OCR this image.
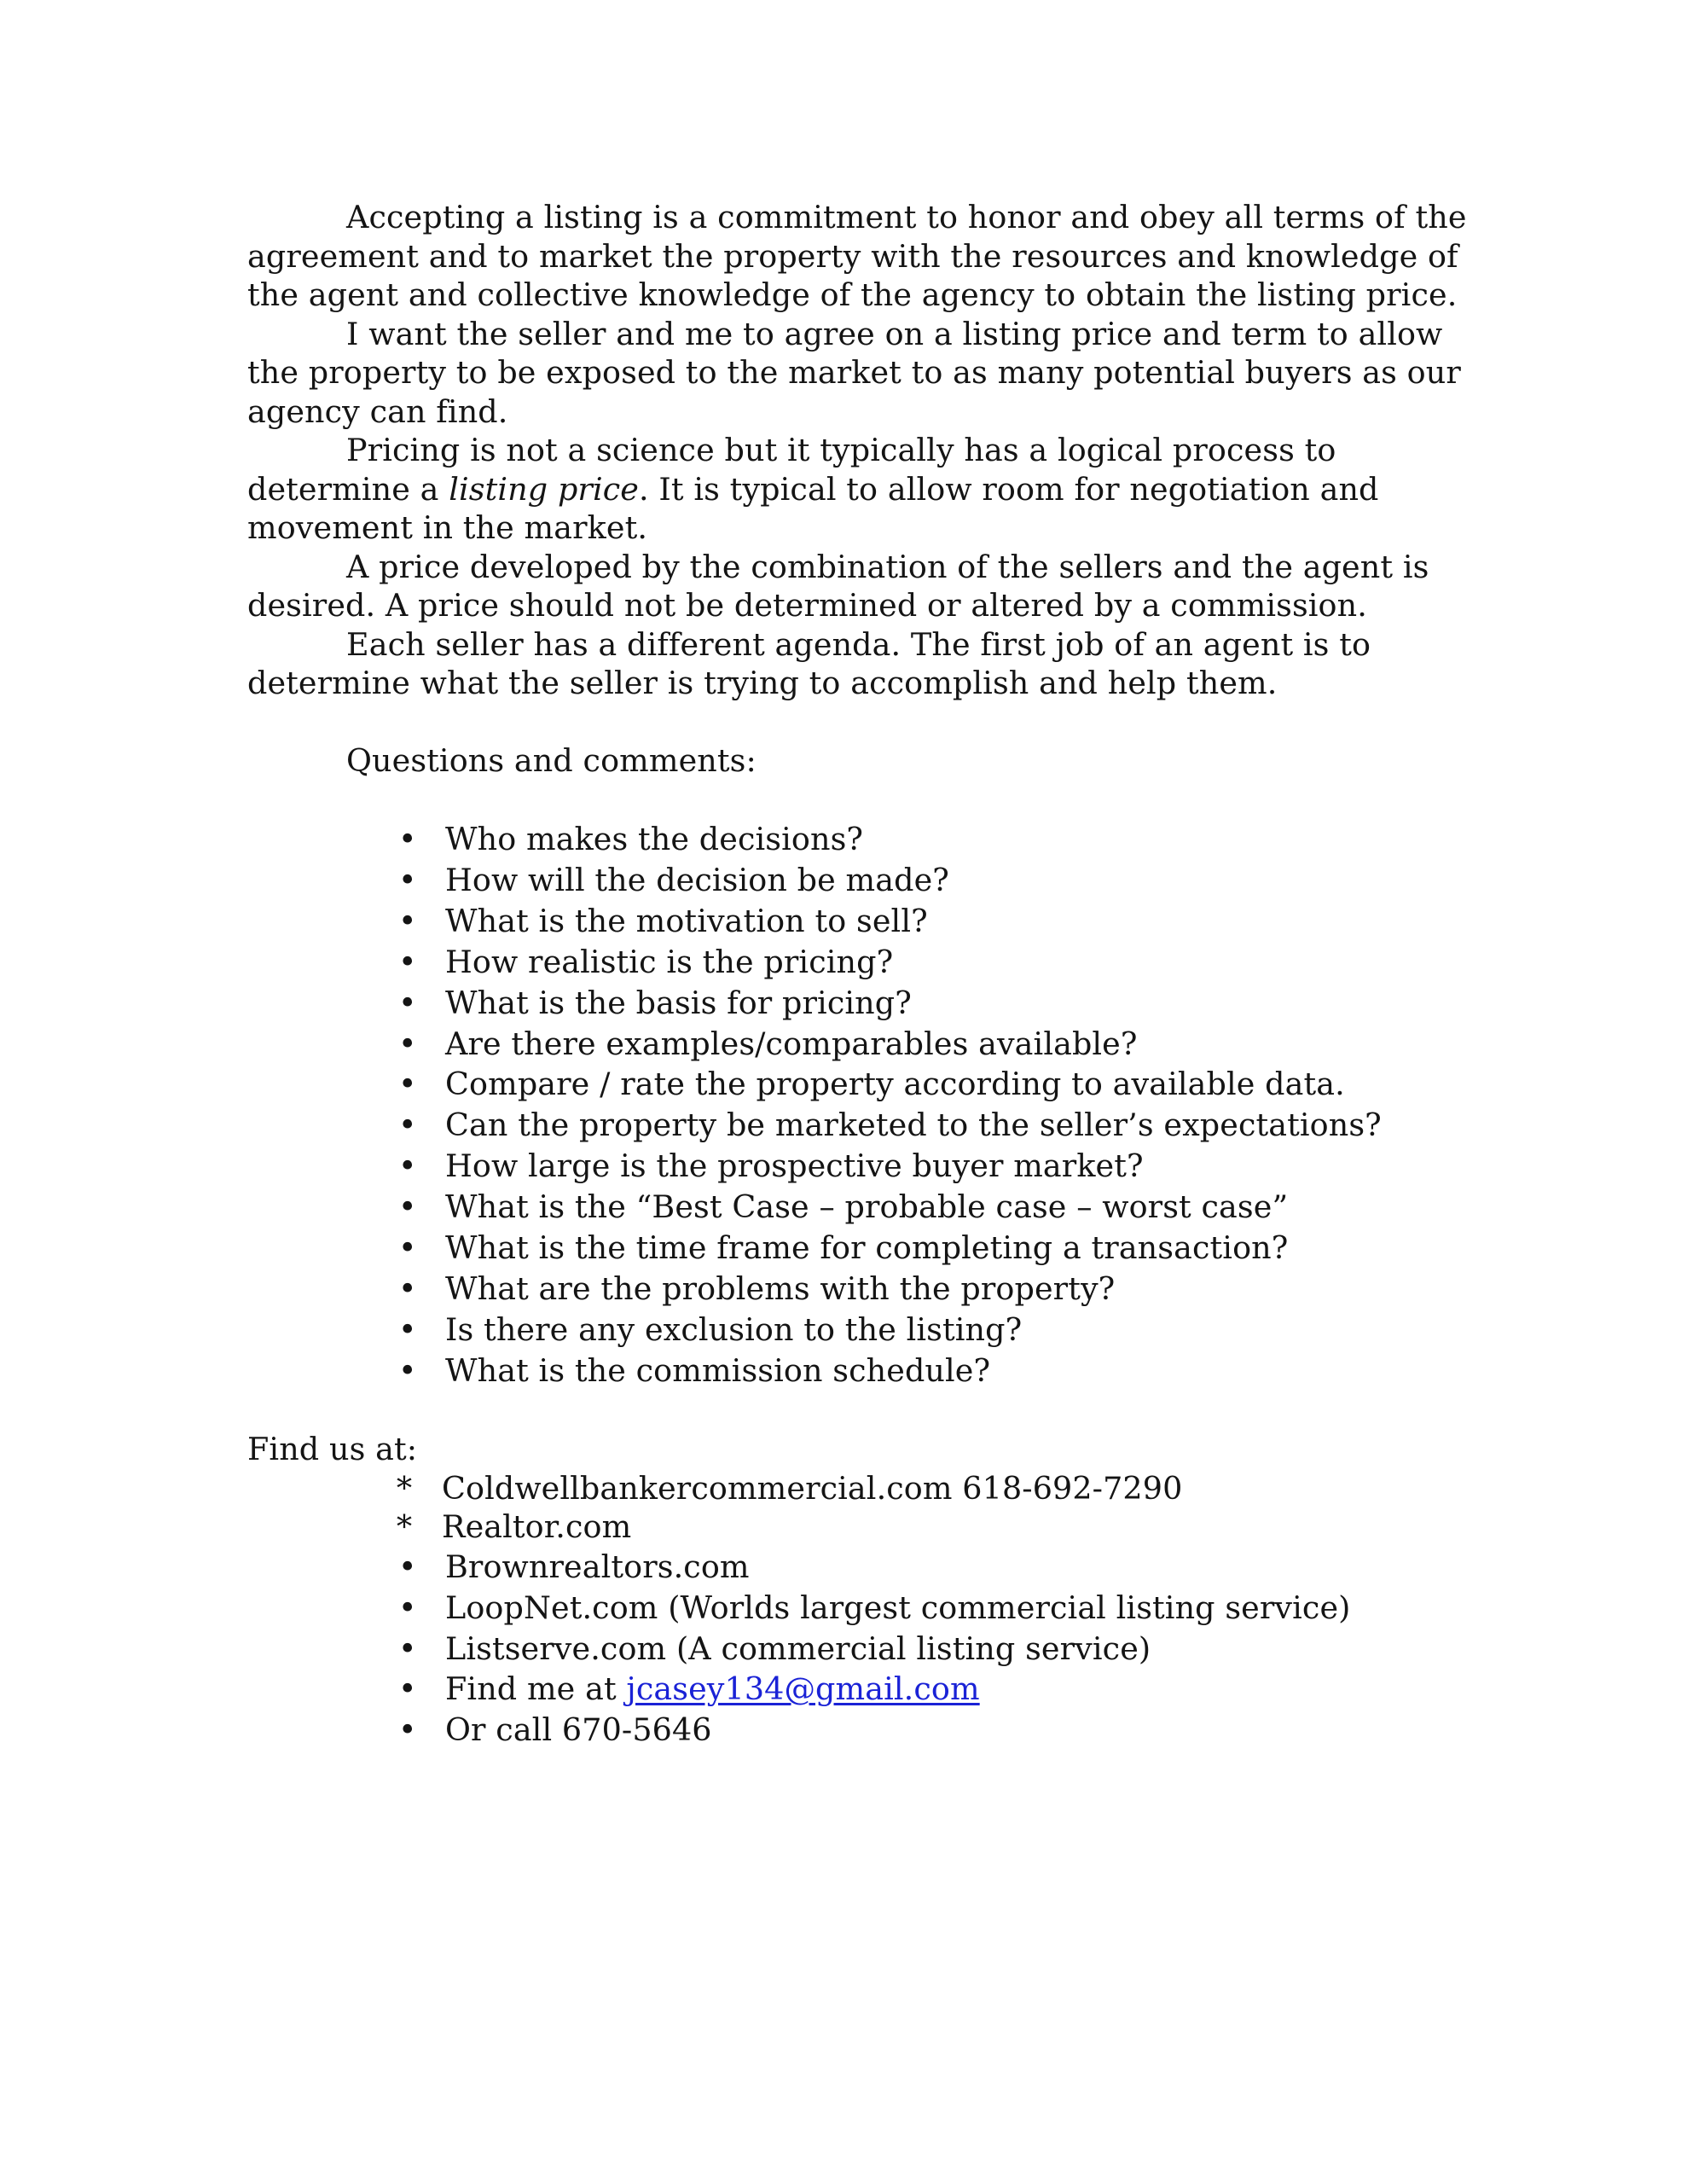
Accepting a listing is a commitment to honor and obey all terms of the agreement and to market the property with the resources and knowledge of the agent and collective knowledge of the agency to obtain the listing price.

I want the seller and me to agree on a listing price and term to allow the property to be exposed to the market to as many potential buyers as our agency can find.

Pricing is not a science but it typically has a logical process to determine a listing price. It is typical to allow room for negotiation and movement in the market.

A price developed by the combination of the sellers and the agent is desired. A price should not be determined or altered by a commission.

Each seller has a different agenda. The first job of an agent is to determine what the seller is trying to accomplish and help them.

Questions and comments:

• Who makes the decisions?
• How will the decision be made?
• What is the motivation to sell?
• How realistic is the pricing?
• What is the basis for pricing?
• Are there examples/comparables available?
• Compare / rate the property according to available data.
• Can the property be marketed to the seller’s expectations?
• How large is the prospective buyer market?
• What is the “Best Case – probable case – worst case”
• What is the time frame for completing a transaction?
• What are the problems with the property?
• Is there any exclusion to the listing?
• What is the commission schedule?

Find us at:

* Coldwellbankercommercial.com 618-692-7290
* Realtor.com
• Brownrealtors.com
• LoopNet.com (Worlds largest commercial listing service)
• Listserve.com (A commercial listing service)
• Find me at jcasey134@gmail.com
• Or call 670-5646
